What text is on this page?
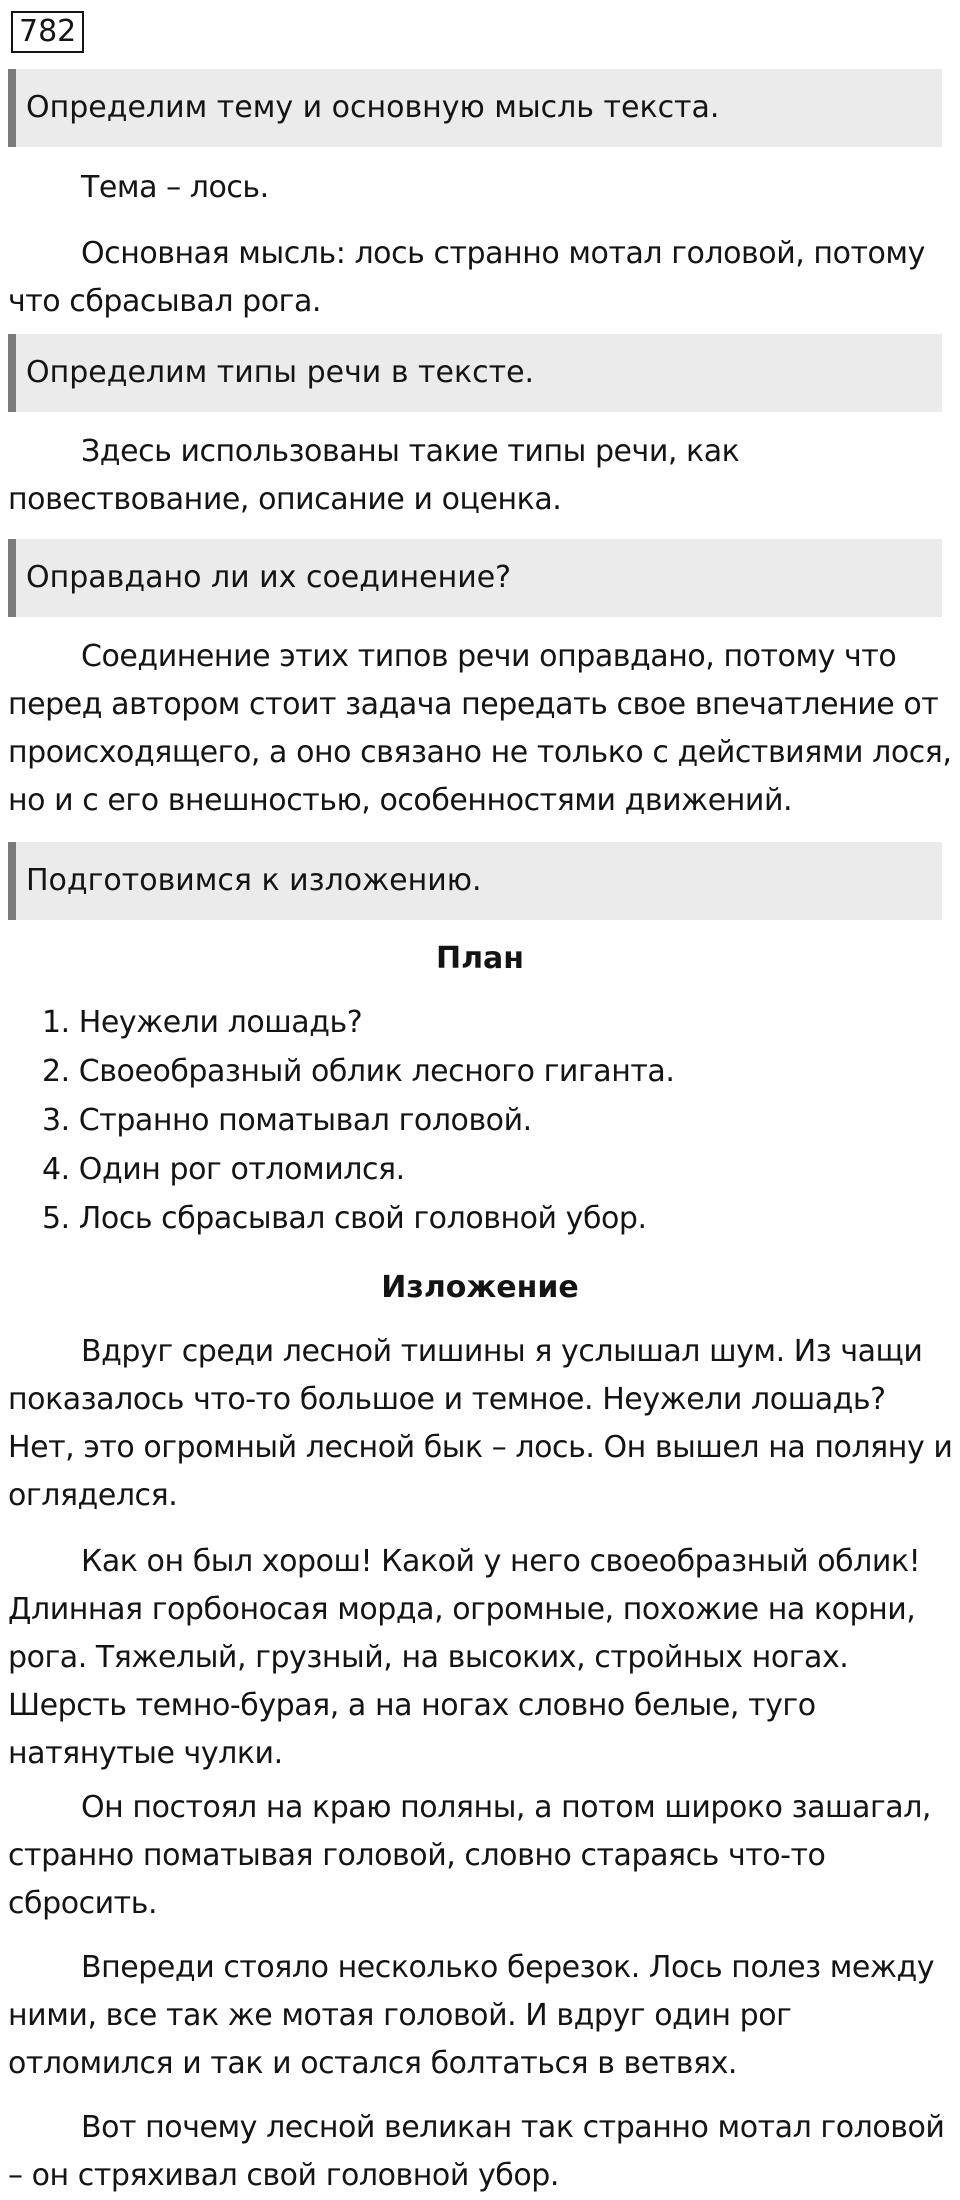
782
Определим тему и основную мысль текста.

Тема – лось.

Основная мысль: лось странно мотал головой, потому
что сбрасывал рога.

Определим типы речи в тексте.

Здесь использованы такие типы речи, как
повествование, описание и оценка.

Оправдано ли их соединение?

Соединение этих типов речи оправдано, потому что
перед автором стоит задача передать свое впечатление от
происходящего, а оно связано не только с действиями лося,
но и с его внешностью, особенностями движений.

Подготовимся к изложению.
План
1. Неужели лошадь?
2. Своеобразный облик лесного гиганта.
3. Странно поматывал головой.
4. Один рог отломился.
5. Лось сбрасывал свой головной убор.
Изложение

Вдруг среди лесной тишины я услышал шум. Из чащи
показалось что-то большое и темное. Неужели лошадь?
Нет, это огромный лесной бык – лось. Он вышел на поляну и
огляделся.

Как он был хорош! Какой у него своеобразный облик!
Длинная горбоносая морда, огромные, похожие на корни,
рога. Тяжелый, грузный, на высоких, стройных ногах.
Шерсть темно-бурая, а на ногах словно белые, туго
натянутые чулки.

Он постоял на краю поляны, а потом широко зашагал,
странно поматывая головой, словно стараясь что-то
сбросить.

Впереди стояло несколько березок. Лось полез между
ними, все так же мотая головой. И вдруг один рог
отломился и так и остался болтаться в ветвях.

Вот почему лесной великан так странно мотал головой
– он стряхивал свой головной убор.
